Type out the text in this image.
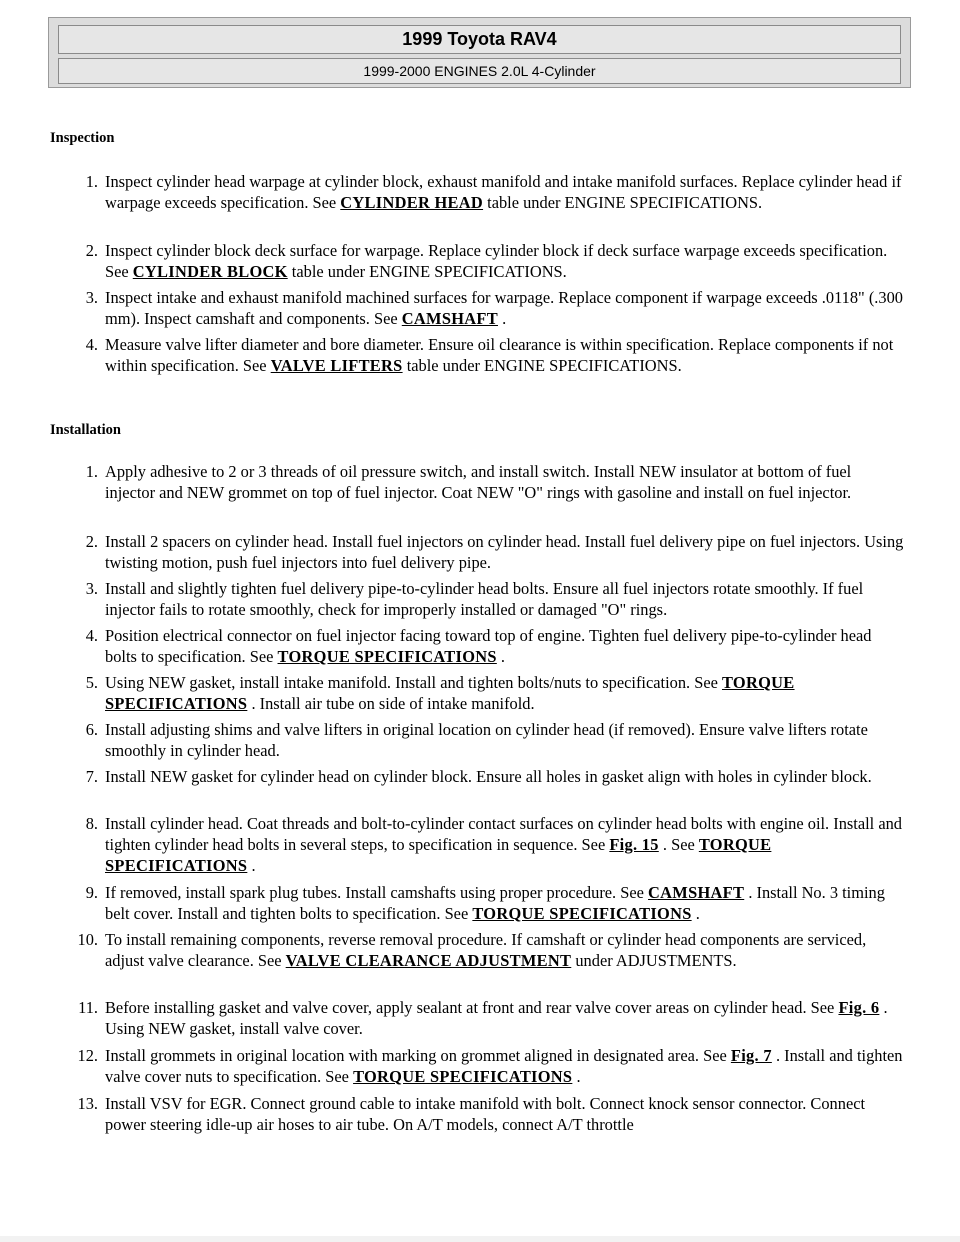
1999 Toyota RAV4
1999-2000 ENGINES 2.0L 4-Cylinder
Inspection
1. Inspect cylinder head warpage at cylinder block, exhaust manifold and intake manifold surfaces. Replace cylinder head if warpage exceeds specification. See CYLINDER HEAD table under ENGINE SPECIFICATIONS.
2. Inspect cylinder block deck surface for warpage. Replace cylinder block if deck surface warpage exceeds specification. See CYLINDER BLOCK table under ENGINE SPECIFICATIONS.
3. Inspect intake and exhaust manifold machined surfaces for warpage. Replace component if warpage exceeds .0118" (.300 mm). Inspect camshaft and components. See CAMSHAFT .
4. Measure valve lifter diameter and bore diameter. Ensure oil clearance is within specification. Replace components if not within specification. See VALVE LIFTERS table under ENGINE SPECIFICATIONS.
Installation
1. Apply adhesive to 2 or 3 threads of oil pressure switch, and install switch. Install NEW insulator at bottom of fuel injector and NEW grommet on top of fuel injector. Coat NEW "O" rings with gasoline and install on fuel injector.
2. Install 2 spacers on cylinder head. Install fuel injectors on cylinder head. Install fuel delivery pipe on fuel injectors. Using twisting motion, push fuel injectors into fuel delivery pipe.
3. Install and slightly tighten fuel delivery pipe-to-cylinder head bolts. Ensure all fuel injectors rotate smoothly. If fuel injector fails to rotate smoothly, check for improperly installed or damaged "O" rings.
4. Position electrical connector on fuel injector facing toward top of engine. Tighten fuel delivery pipe-to-cylinder head bolts to specification. See TORQUE SPECIFICATIONS .
5. Using NEW gasket, install intake manifold. Install and tighten bolts/nuts to specification. See TORQUE SPECIFICATIONS . Install air tube on side of intake manifold.
6. Install adjusting shims and valve lifters in original location on cylinder head (if removed). Ensure valve lifters rotate smoothly in cylinder head.
7. Install NEW gasket for cylinder head on cylinder block. Ensure all holes in gasket align with holes in cylinder block.
8. Install cylinder head. Coat threads and bolt-to-cylinder contact surfaces on cylinder head bolts with engine oil. Install and tighten cylinder head bolts in several steps, to specification in sequence. See Fig. 15 . See TORQUE SPECIFICATIONS .
9. If removed, install spark plug tubes. Install camshafts using proper procedure. See CAMSHAFT . Install No. 3 timing belt cover. Install and tighten bolts to specification. See TORQUE SPECIFICATIONS .
10. To install remaining components, reverse removal procedure. If camshaft or cylinder head components are serviced, adjust valve clearance. See VALVE CLEARANCE ADJUSTMENT under ADJUSTMENTS.
11. Before installing gasket and valve cover, apply sealant at front and rear valve cover areas on cylinder head. See Fig. 6 . Using NEW gasket, install valve cover.
12. Install grommets in original location with marking on grommet aligned in designated area. See Fig. 7 . Install and tighten valve cover nuts to specification. See TORQUE SPECIFICATIONS .
13. Install VSV for EGR. Connect ground cable to intake manifold with bolt. Connect knock sensor connector. Connect power steering idle-up air hoses to air tube. On A/T models, connect A/T throttle
